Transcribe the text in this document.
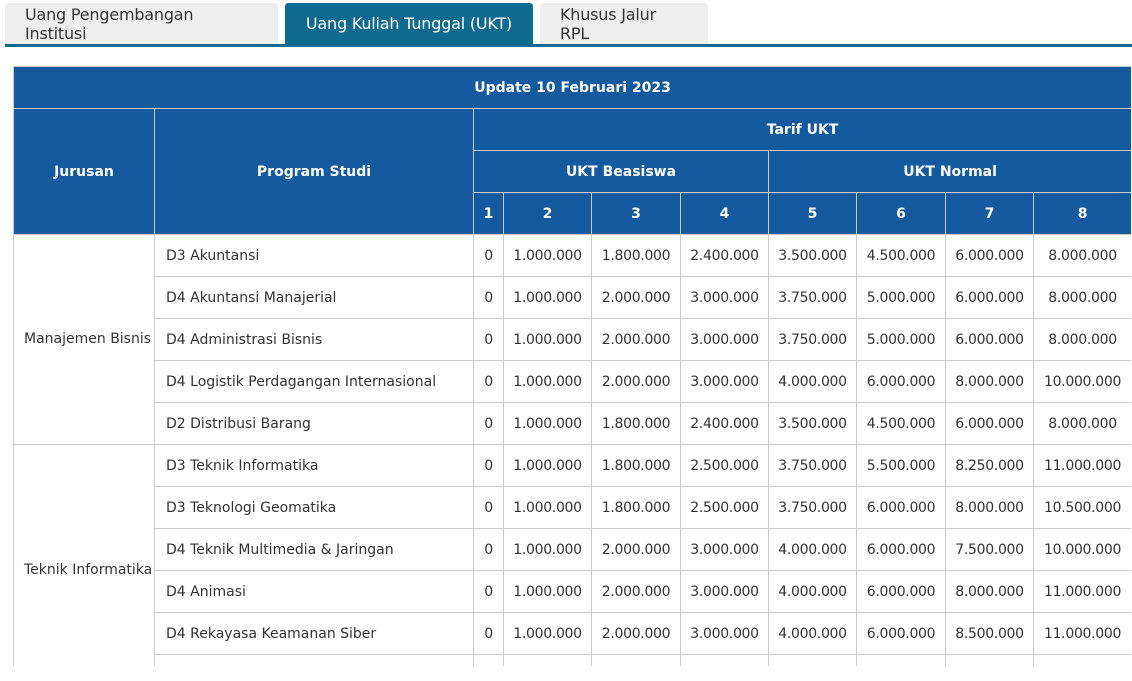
Uang Pengembangan Institusi	Uang Kuliah Tunggal (UKT)	Khusus Jalur RPL
Update 10 Februari 2023									
Jurusan	Program Studi	Tarif UKT							
		UKT Beasiswa				UKT Normal			
		1	2	3	4	5	6	7	8
Manajemen Bisnis	D3 Akuntansi	0	1.000.000	1.800.000	2.400.000	3.500.000	4.500.000	6.000.000	8.000.000
	D4 Akuntansi Manajerial	0	1.000.000	2.000.000	3.000.000	3.750.000	5.000.000	6.000.000	8.000.000
	D4 Administrasi Bisnis	0	1.000.000	2.000.000	3.000.000	3.750.000	5.000.000	6.000.000	8.000.000
	D4 Logistik Perdagangan Internasional	0	1.000.000	2.000.000	3.000.000	4.000.000	6.000.000	8.000.000	10.000.000
	D2 Distribusi Barang	0	1.000.000	1.800.000	2.400.000	3.500.000	4.500.000	6.000.000	8.000.000
Teknik Informatika	D3 Teknik Informatika	0	1.000.000	1.800.000	2.500.000	3.750.000	5.500.000	8.250.000	11.000.000
	D3 Teknologi Geomatika	0	1.000.000	1.800.000	2.500.000	3.750.000	6.000.000	8.000.000	10.500.000
	D4 Teknik Multimedia & Jaringan	0	1.000.000	2.000.000	3.000.000	4.000.000	6.000.000	7.500.000	10.000.000
	D4 Animasi	0	1.000.000	2.000.000	3.000.000	4.000.000	6.000.000	8.000.000	11.000.000
	D4 Rekayasa Keamanan Siber	0	1.000.000	2.000.000	3.000.000	4.000.000	6.000.000	8.500.000	11.000.000
